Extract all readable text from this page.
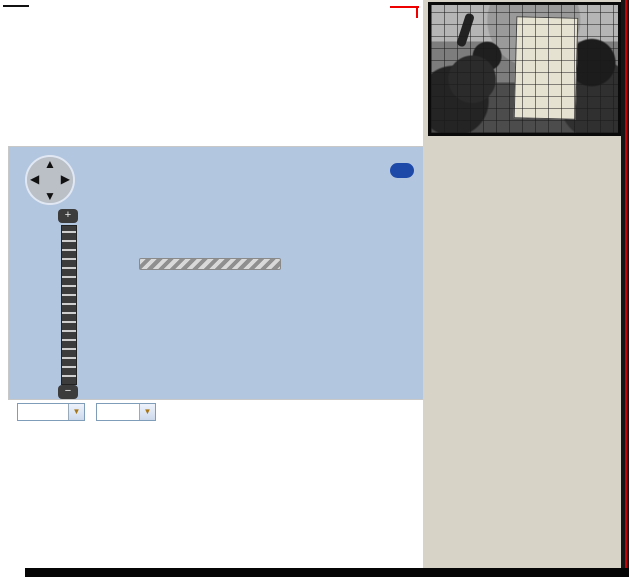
▲
▼
◀ ▶
+
−
▼
	▼
